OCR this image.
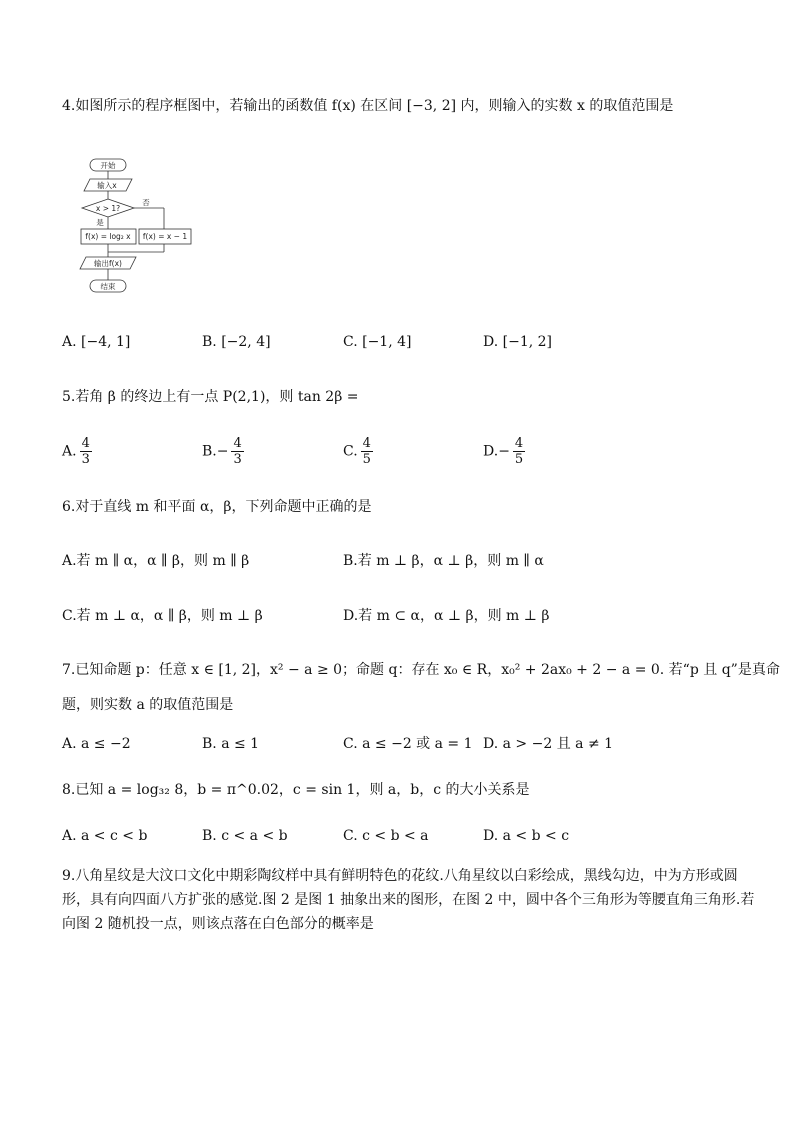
4.如图所示的程序框图中，若输出的函数值 f(x) 在区间 [−3, 2] 内，则输入的实数 x 的取值范围是
开始
输入x
x > 1?
否
是
f(x) = log₂ x f(x) = x − 1
输出f(x)
结束
A. [−4, 1]	B. [−2, 4]	C. [−1, 4]	D. [−1, 2]
5.若角 β 的终边上有一点 P(2,1)，则 tan 2β =
A. $\frac{4}{3}$	$B.- \frac{4}{3}$	C. $\frac{4}{5}$	$D.- \frac{4}{5}$
6.对于直线 m 和平面 α，β，下列命题中正确的是
A.若 m ∥ α，α ∥ β，则 m ∥ β	B.若 m ⊥ β，α ⊥ β，则 m ∥ α
C.若 m ⊥ α，α ∥ β，则 m ⊥ β	D.若 m ⊂ α，α ⊥ β，则 m ⊥ β
7.已知命题 p：任意 x ∈ [1, 2]，x² − a ≥ 0；命题 q：存在 x₀ ∈ R，x₀² + 2ax₀ + 2 − a = 0. 若“p 且 q”是真命
题，则实数 a 的取值范围是
A. a ≤ −2	B. a ≤ 1	C. a ≤ −2 或 a = 1 D. a > −2 且 a ≠ 1
8.已知 a = log₃₂ 8，b = π^0.02，c = sin 1，则 a，b，c 的大小关系是
A. a < c < b	B. c < a < b	C. c < b < a	D. a < b < c
9.八角星纹是大汶口文化中期彩陶纹样中具有鲜明特色的花纹.八角星纹以白彩绘成，黑线勾边，中为方形或圆形，具有向四面八方扩张的感觉.图 2 是图 1 抽象出来的图形，在图 2 中，圆中各个三角形为等腰直角三角形.若向图 2 随机投一点，则该点落在白色部分的概率是
